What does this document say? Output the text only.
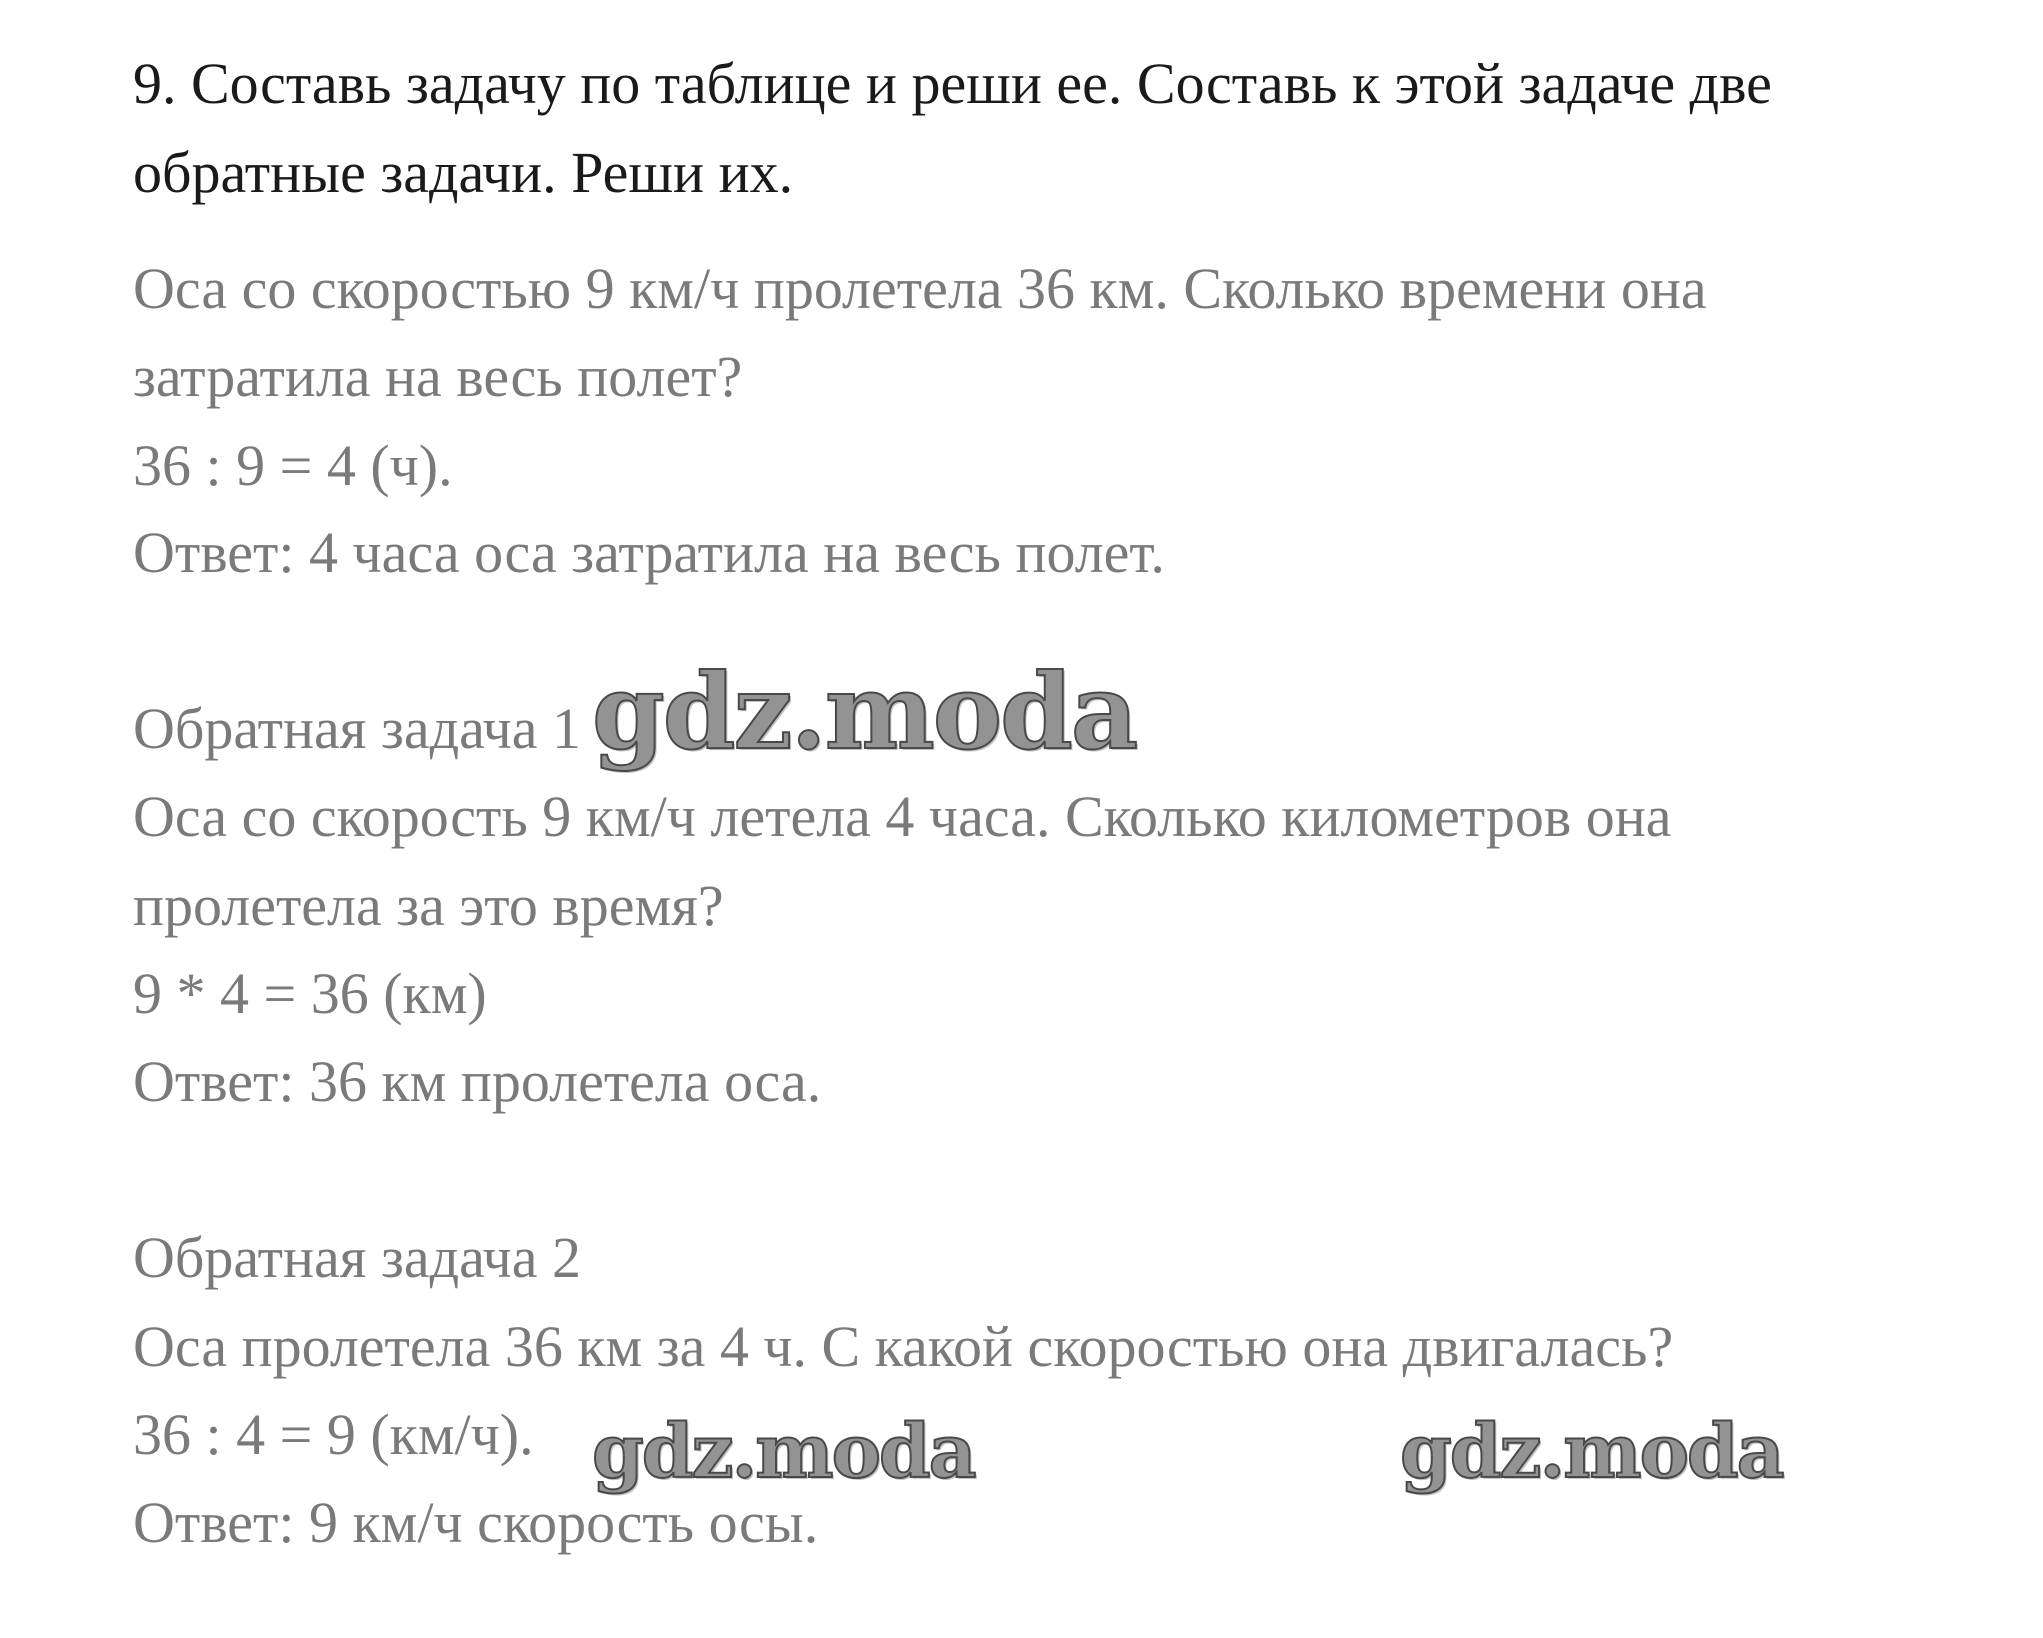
9. Составь задачу по таблице и реши ее. Составь к этой задаче две

обратные задачи. Реши их.

Оса со скоростью 9 км/ч пролетела 36 км. Сколько времени она

затратила на весь полет?

36 : 9 = 4 (ч).

Ответ: 4 часа оса затратила на весь полет.

Обратная задача 1

Оса со скорость 9 км/ч летела 4 часа. Сколько километров она

пролетела за это время?

9 * 4 = 36 (км)

Ответ: 36 км пролетела оса.

Обратная задача 2

Оса пролетела 36 км за 4 ч. С какой скоростью она двигалась?

36 : 4 = 9 (км/ч).

Ответ: 9 км/ч скорость осы.

gdz.moda
gdz.moda	gdz.moda
